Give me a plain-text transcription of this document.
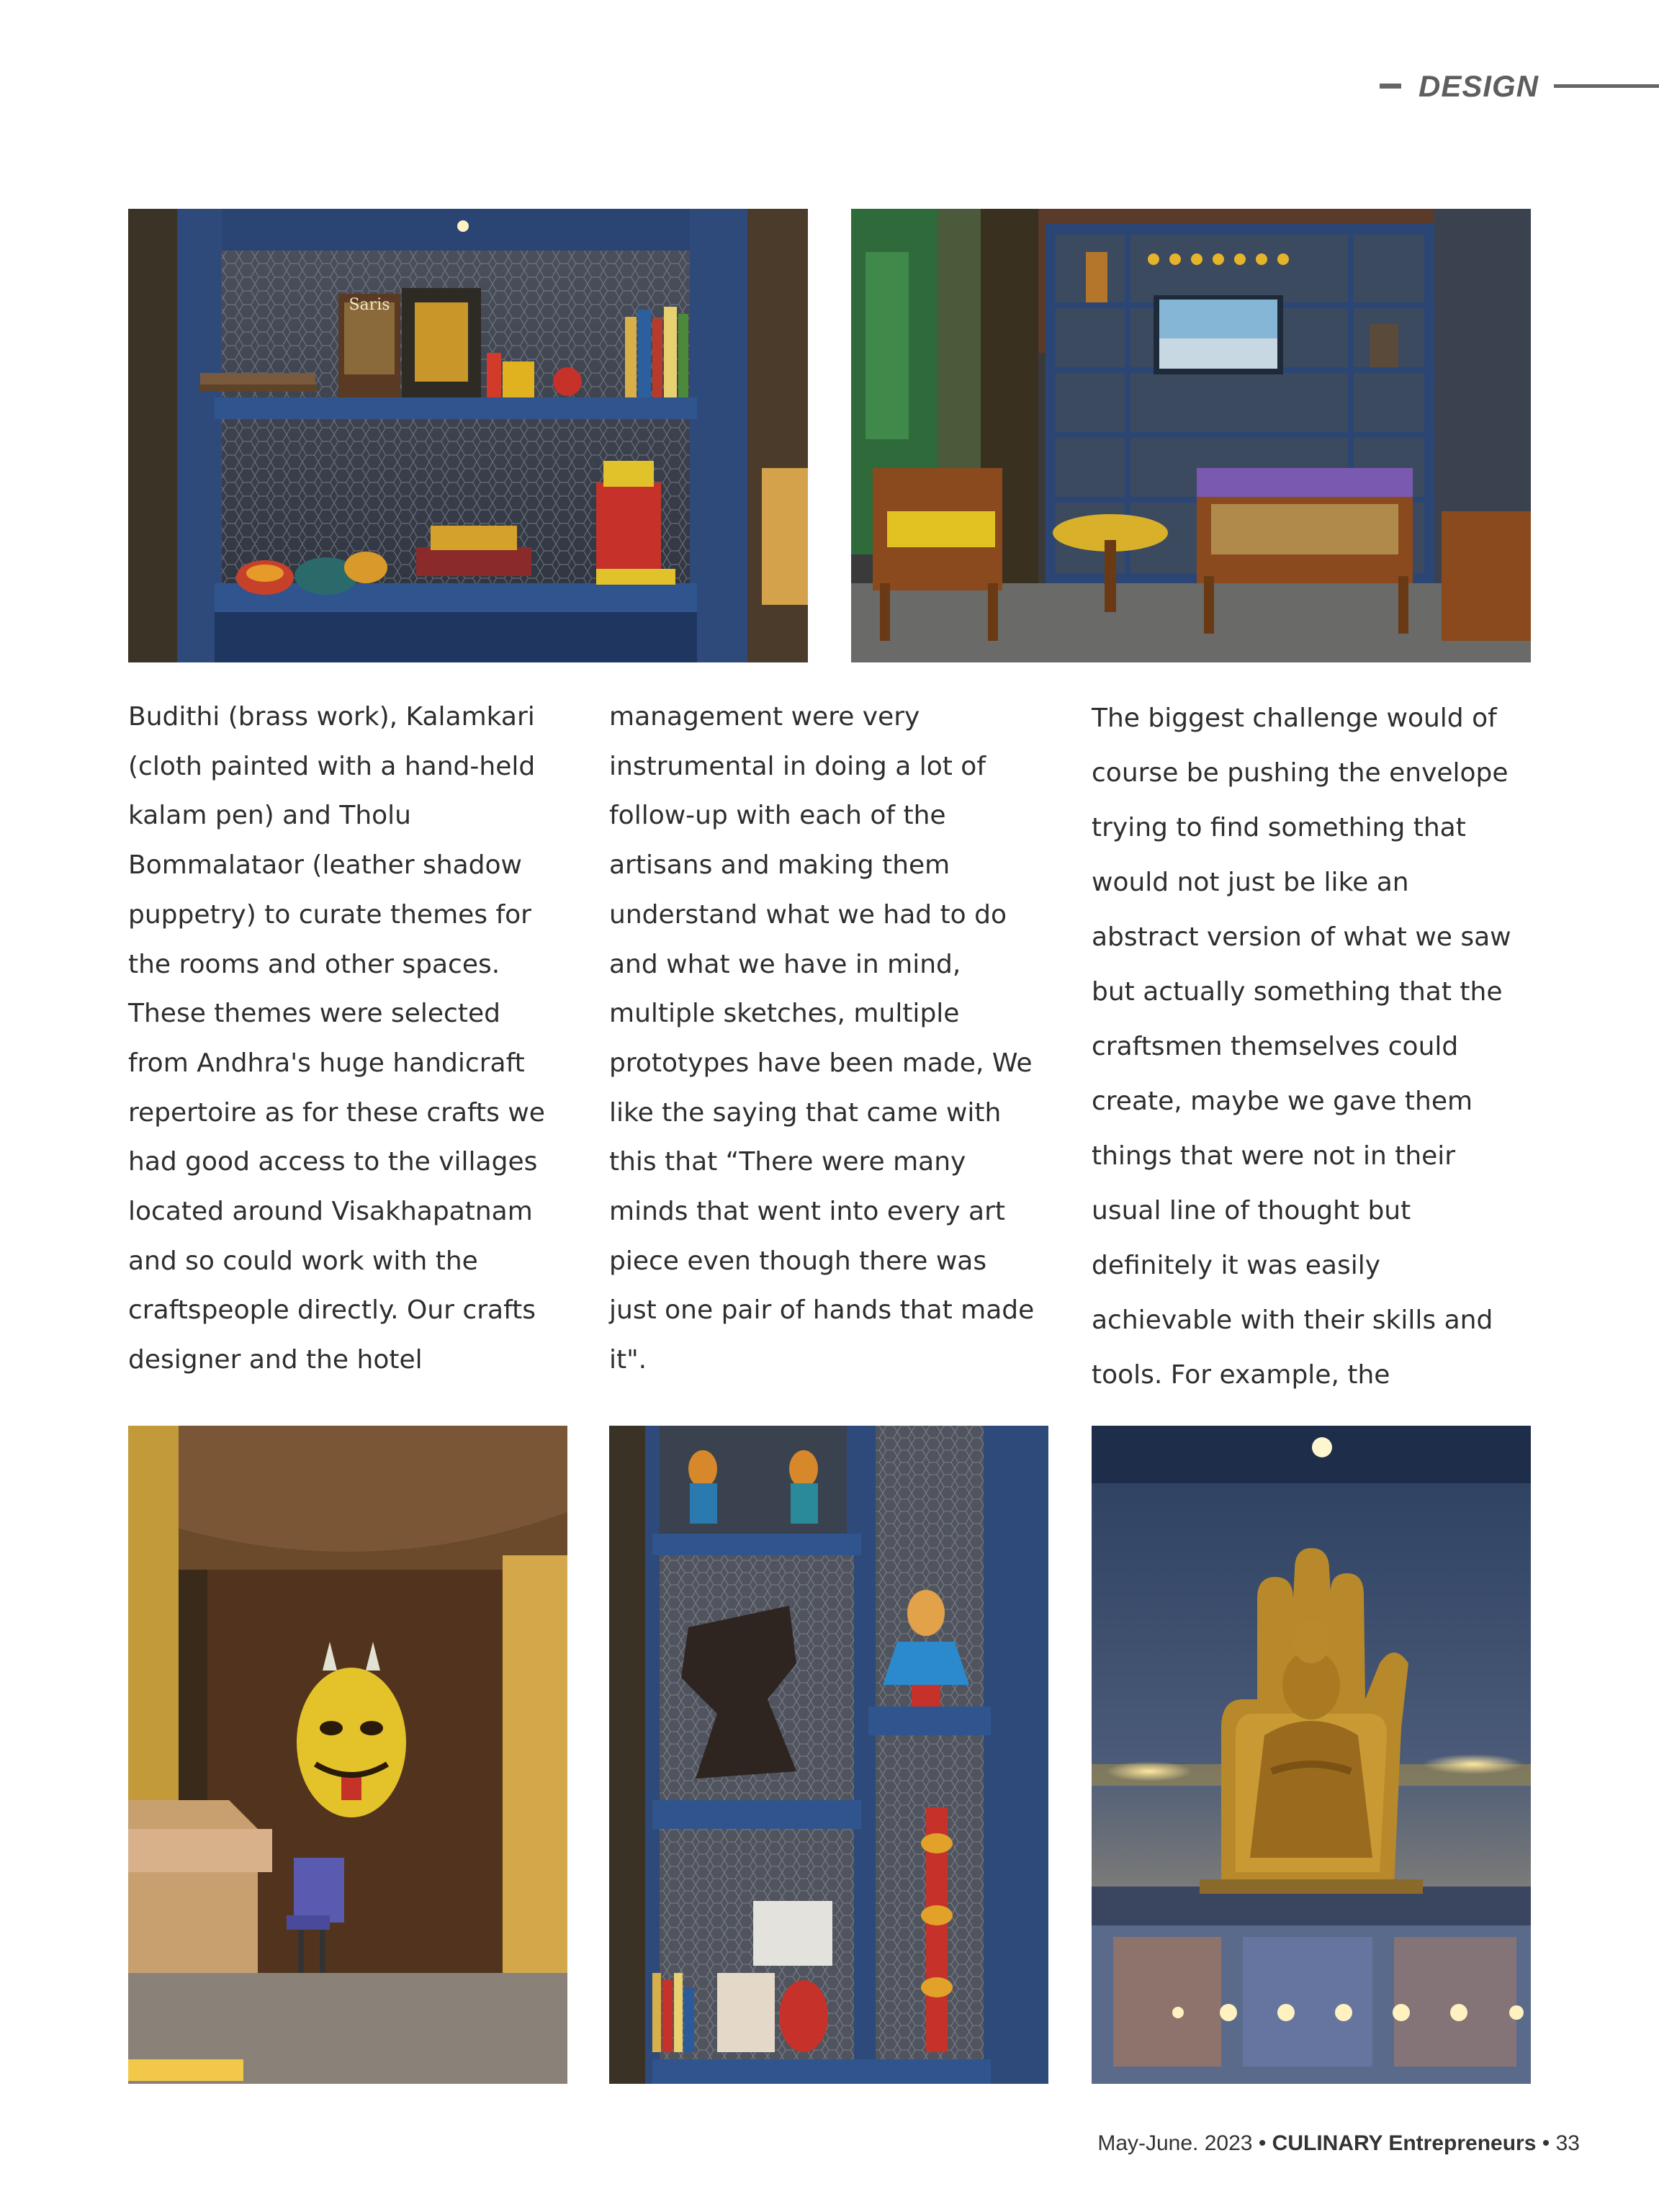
DESIGN
Saris

Budithi (brass work), Kalamkari
(cloth painted with a hand-held
kalam pen) and Tholu
Bommalataor (leather shadow
puppetry) to curate themes for
the rooms and other spaces.
These themes were selected
from Andhra's huge handicraft
repertoire as for these crafts we
had good access to the villages
located around Visakhapatnam
and so could work with the
craftspeople directly. Our crafts
designer and the hotel

management were very
instrumental in doing a lot of
follow-up with each of the
artisans and making them
understand what we had to do
and what we have in mind,
multiple sketches, multiple
prototypes have been made, We
like the saying that came with
this that “There were many
minds that went into every art
piece even though there was
just one pair of hands that made
it".

The biggest challenge would of
course be pushing the envelope
trying to find something that
would not just be like an
abstract version of what we saw
but actually something that the
craftsmen themselves could
create, maybe we gave them
things that were not in their
usual line of thought but
definitely it was easily
achievable with their skills and
tools. For example, the

May-June. 2023 • CULINARY Entrepreneurs • 33
